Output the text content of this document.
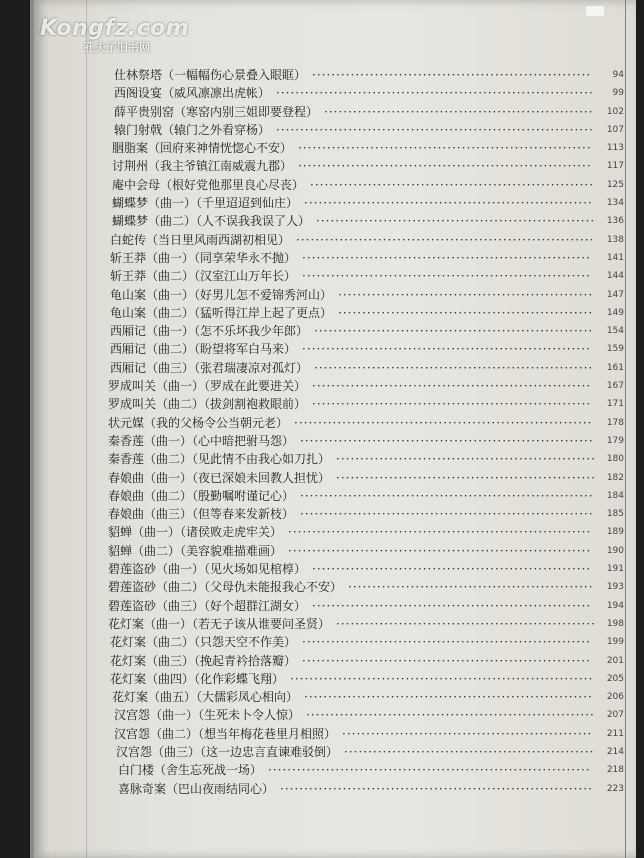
Kongfz.com
孔夫子旧书网
··························································
仕林祭塔（一幅幅伤心景叠入眼眶）	94
··································································
西阁设宴（威风凛凛出虎帐）	99
························································
薛平贵别窑（寒窑内别三姐即要登程）	102
··································································
辕门射戟（辕门之外看穿杨）	107
·····························································
胭脂案（回府来神情恍惚心不安）	113
·····························································
讨荆州（我主爷镇江南威震九郡）	117
···························································
庵中会母（根好党他那里良心尽丧）	125
····························································
蝴蝶梦（曲一）（千里迢迢到仙庄）	134
··························································
蝴蝶梦（曲二）（人不误我我误了人）	136
······························································
白蛇传（当日里风雨西湖初相见）	138
····························································
斩王莽（曲一）（同享荣华永不抛）	141
····························································
斩王莽（曲二）（汉室江山万年长）	144
·····················································
龟山案（曲一）（好男儿怎不爱锦秀河山）	147
·····················································
龟山案（曲二）（猛听得江岸上起了更点）	149
··························································
西厢记（曲一）（怎不乐坏我少年郎）	154
····························································
西厢记（曲二）（盼望将军白马来）	159
··························································
西厢记（曲三）（张君瑞凄凉对孤灯）	161
··························································
罗成叫关（曲一）（罗成在此要进关）	167
··························································
罗成叫关（曲二）（拔剑割袍救眼前）	171
······························································
状元媒（我的父杨令公当朝元老）	178
·····························································
秦香莲（曲一）（心中暗把驸马怨）	179
······················································
秦香莲（曲二）（见此情不由我心如刀扎）	180
······················································
春娘曲（曲一）（夜已深娘未回教人担忧）	182
·····························································
春娘曲（曲二）（殷勤嘱咐谨记心）	184
·····························································
春娘曲（曲三）（但等春来发新枝）	185
·······························································
貂蝉（曲一）（诸侯败走虎牢关）	189
·······························································
貂蝉（曲二）（美容貌难描难画）	190
··························································
碧莲盗砂（曲一）（见火场如见棺椁）	191
···················································
碧莲盗砂（曲二）（父母仇未能报我心不安）	193
··························································
碧莲盗砂（曲三）（好个超群江湖女）	194
······················································
花灯案（曲一）（若无子该从谁要问圣贤）	198
····························································
花灯案（曲二）（只怨天空不作美）	199
····························································
花灯案（曲三）（挽起青衿拾落瓣）	201
·······························································
花灯案（曲四）（化作彩蝶飞翔）	205
····························································
花灯案（曲五）（大儒彩凤心相向）	206
····························································
汉宫怨（曲一）（生死未卜令人惊）	207
····················································
汉宫怨（曲二）（想当年梅花巷里月相照）	211
····················································
汉宫怨（曲三）（这一边忠言直谏难驳倒）	214
···································································
白门楼（舍生忘死战一场）	218
·································································
喜脉奇案（巴山夜雨结同心）	223
